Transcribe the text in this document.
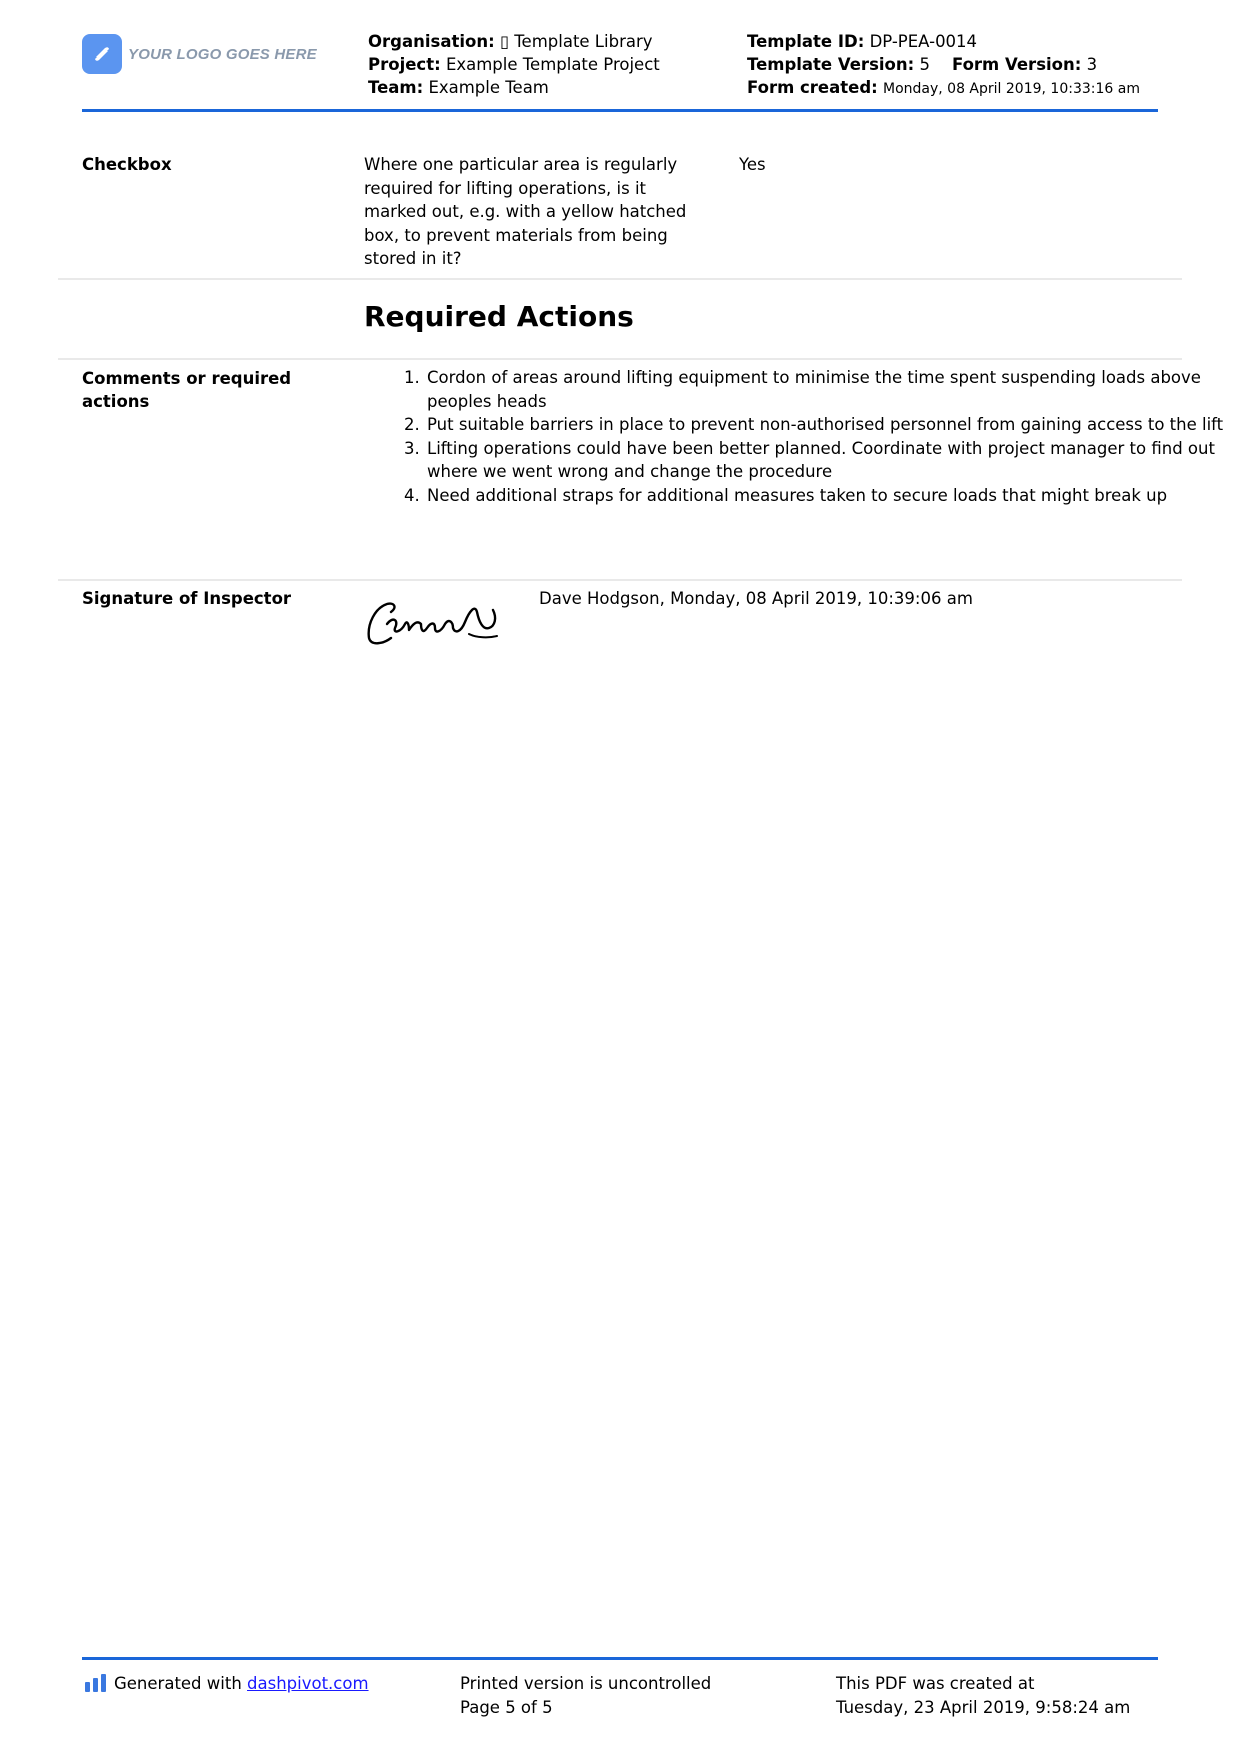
YOUR LOGO GOES HERE
Organisation: ▯ Template Library
Project: Example Template Project
Team: Example Team
Template ID: DP-PEA-0014
Template Version: 5 Form Version: 3
Form created: Monday, 08 April 2019, 10:33:16 am
Checkbox	Where one particular area is regularly
required for lifting operations, is it
marked out, e.g. with a yellow hatched
box, to prevent materials from being
stored in it?
Yes
Required Actions
Comments or required
actions
1. Cordon of areas around lifting equipment to minimise the time spent suspending loads above peoples heads
2. Put suitable barriers in place to prevent non-authorised personnel from gaining access to the lift
3. Lifting operations could have been better planned. Coordinate with project manager to find out where we went wrong and change the procedure
4. Need additional straps for additional measures taken to secure loads that might break up
Signature of Inspector	Dave Hodgson, Monday, 08 April 2019, 10:39:06 am
Generated with dashpivot.com	Printed version is uncontrolled
Page 5 of 5
This PDF was created at
Tuesday, 23 April 2019, 9:58:24 am
